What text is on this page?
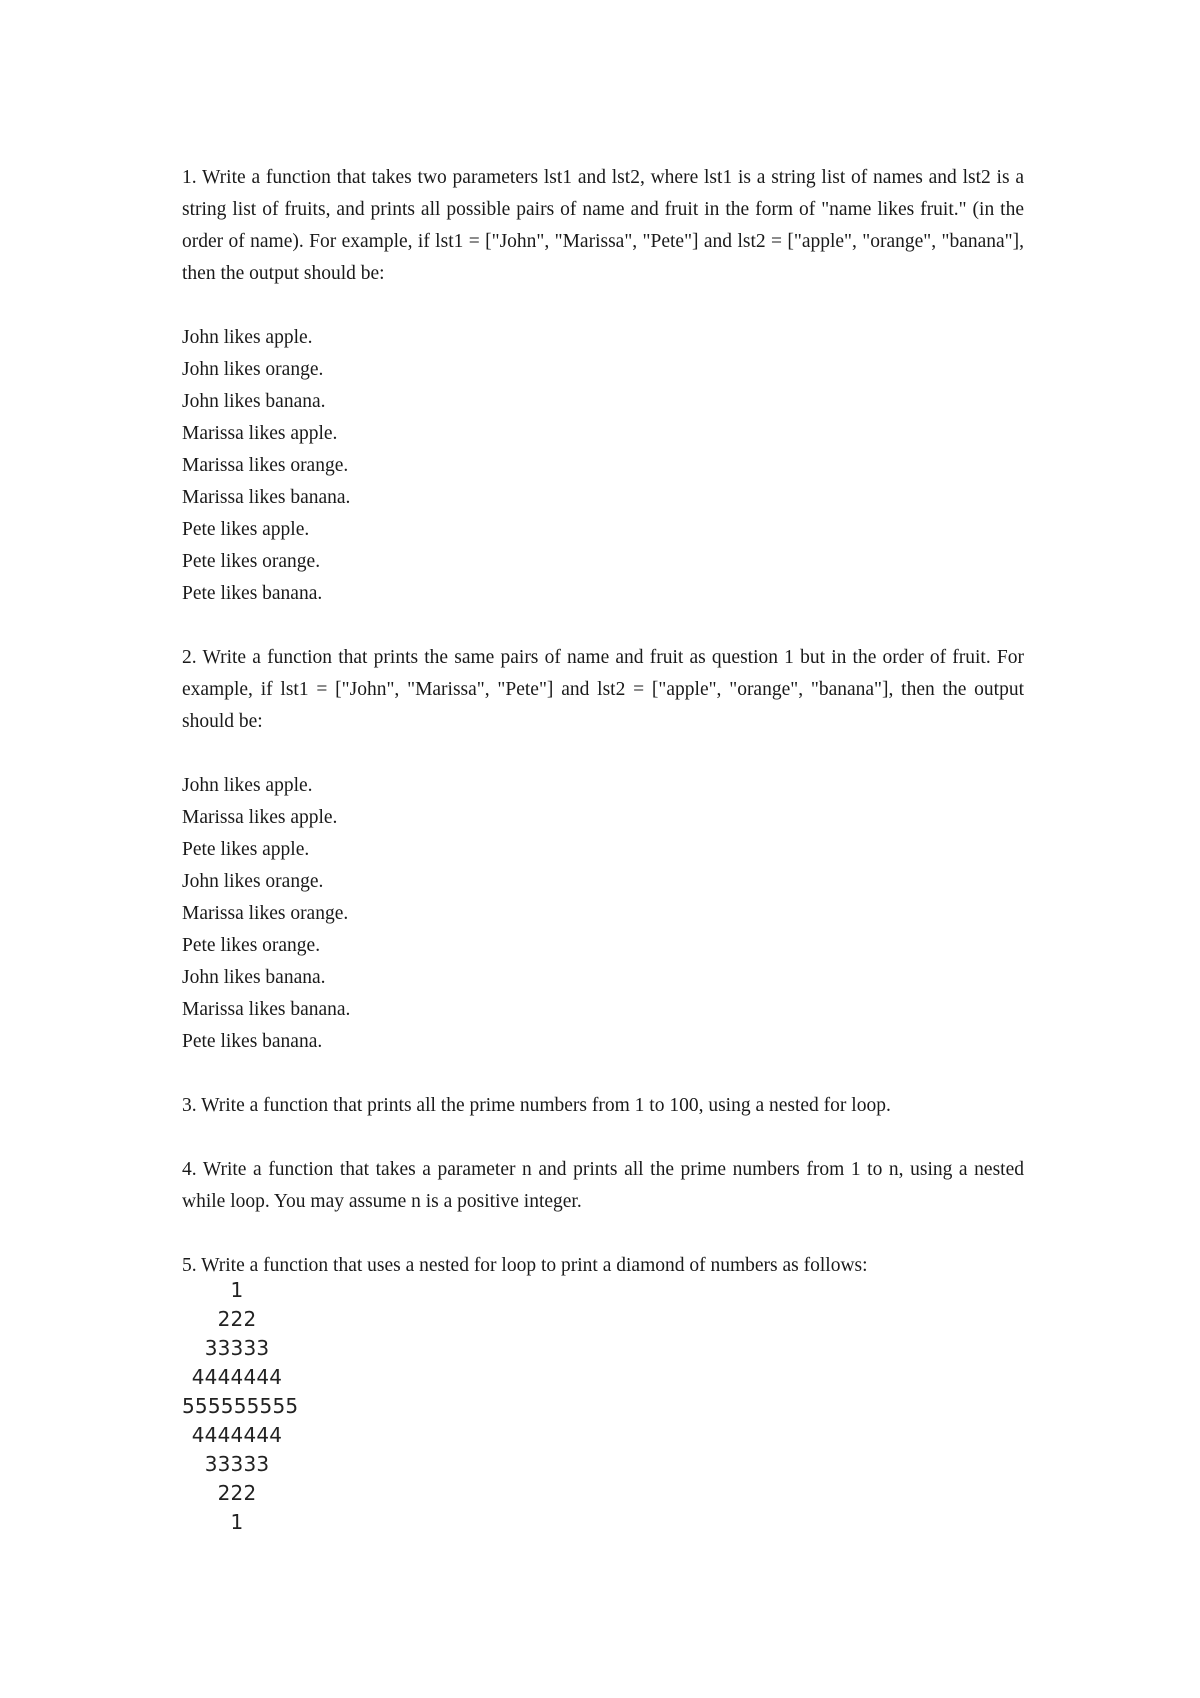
1. Write a function that takes two parameters lst1 and lst2, where lst1 is a string list of names and lst2 is a string list of fruits, and prints all possible pairs of name and fruit in the form of "name likes fruit." (in the order of name). For example, if lst1 = ["John", "Marissa", "Pete"] and lst2 = ["apple", "orange", "banana"], then the output should be:

John likes apple.

John likes orange.

John likes banana.

Marissa likes apple.

Marissa likes orange.

Marissa likes banana.

Pete likes apple.

Pete likes orange.

Pete likes banana.

2. Write a function that prints the same pairs of name and fruit as question 1 but in the order of fruit. For example, if lst1 = ["John", "Marissa", "Pete"] and lst2 = ["apple", "orange", "banana"], then the output should be:

John likes apple.

Marissa likes apple.

Pete likes apple.

John likes orange.

Marissa likes orange.

Pete likes orange.

John likes banana.

Marissa likes banana.

Pete likes banana.

3. Write a function that prints all the prime numbers from 1 to 100, using a nested for loop.

4. Write a function that takes a parameter n and prints all the prime numbers from 1 to n, using a nested while loop. You may assume n is a positive integer.

5. Write a function that uses a nested for loop to print a diamond of numbers as follows:

1
222
33333
4444444
555555555
4444444
33333
222
1
